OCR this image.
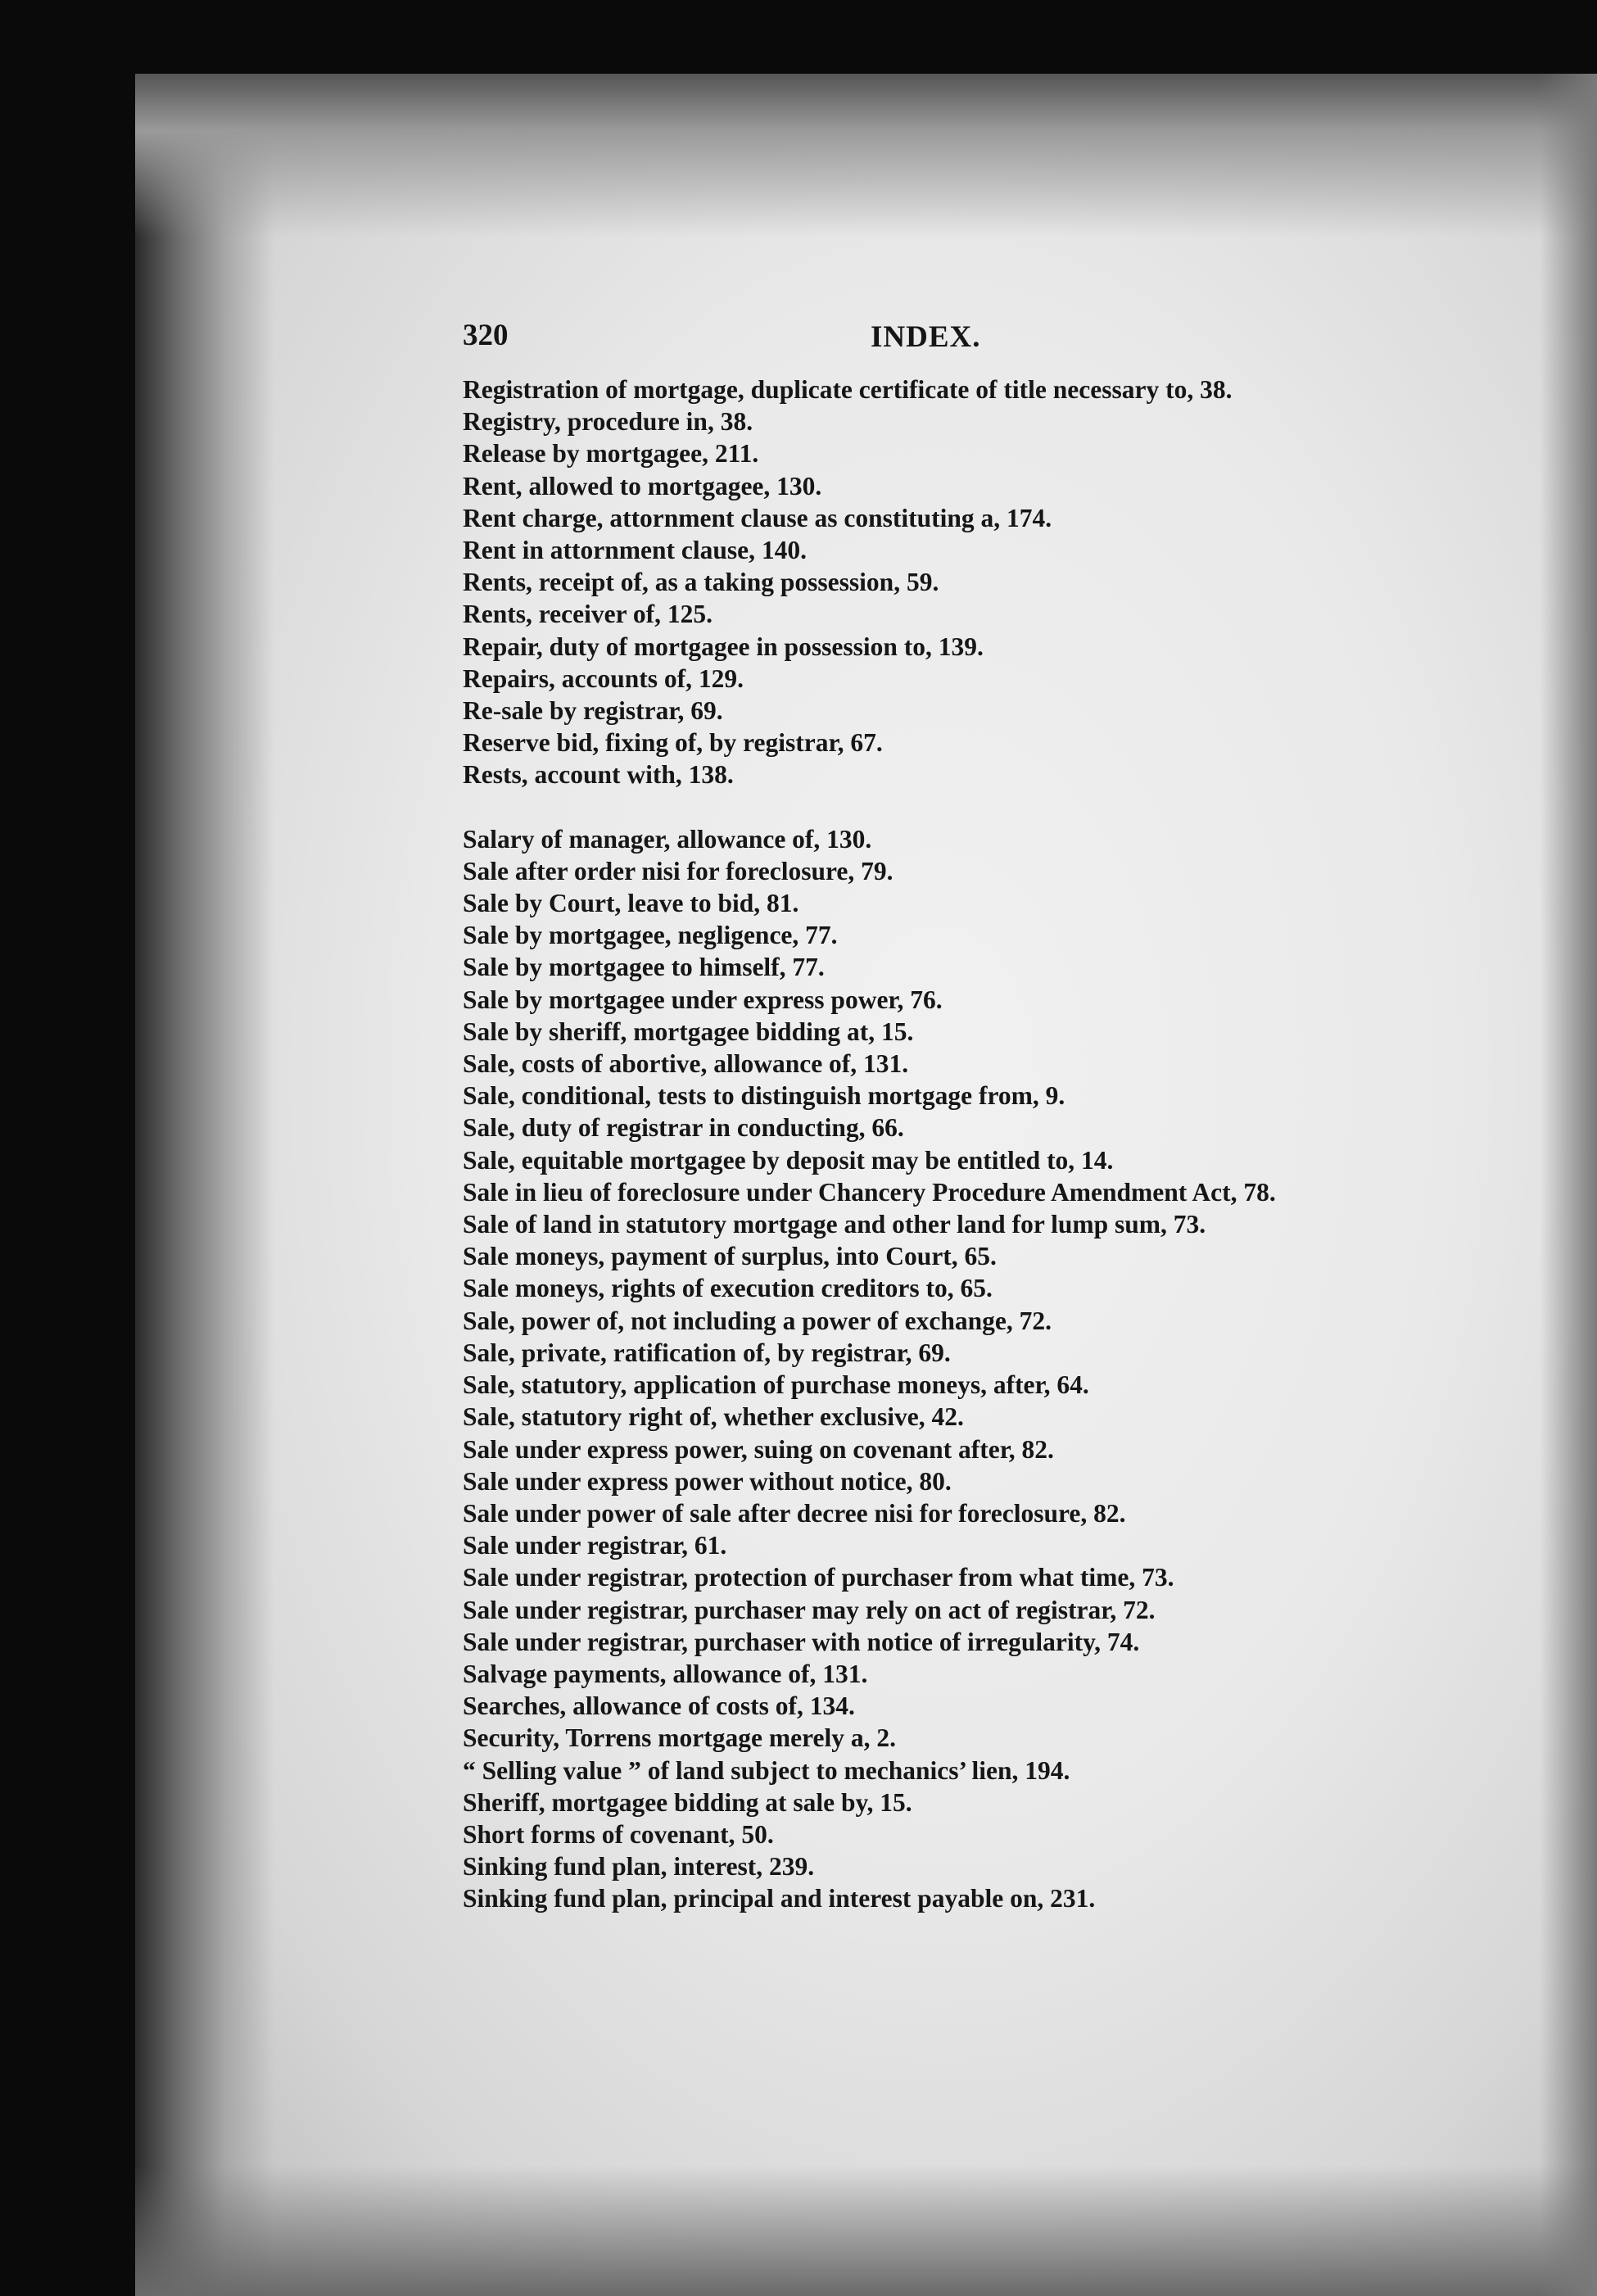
320	INDEX.
Registration of mortgage, duplicate certificate of title necessary to, 38.
Registry, procedure in, 38.
Release by mortgagee, 211.
Rent, allowed to mortgagee, 130.
Rent charge, attornment clause as constituting a, 174.
Rent in attornment clause, 140.
Rents, receipt of, as a taking possession, 59.
Rents, receiver of, 125.
Repair, duty of mortgagee in possession to, 139.
Repairs, accounts of, 129.
Re-sale by registrar, 69.
Reserve bid, fixing of, by registrar, 67.
Rests, account with, 138.
Salary of manager, allowance of, 130.
Sale after order nisi for foreclosure, 79.
Sale by Court, leave to bid, 81.
Sale by mortgagee, negligence, 77.
Sale by mortgagee to himself, 77.
Sale by mortgagee under express power, 76.
Sale by sheriff, mortgagee bidding at, 15.
Sale, costs of abortive, allowance of, 131.
Sale, conditional, tests to distinguish mortgage from, 9.
Sale, duty of registrar in conducting, 66.
Sale, equitable mortgagee by deposit may be entitled to, 14.
Sale in lieu of foreclosure under Chancery Procedure Amendment Act, 78.
Sale of land in statutory mortgage and other land for lump sum, 73.
Sale moneys, payment of surplus, into Court, 65.
Sale moneys, rights of execution creditors to, 65.
Sale, power of, not including a power of exchange, 72.
Sale, private, ratification of, by registrar, 69.
Sale, statutory, application of purchase moneys, after, 64.
Sale, statutory right of, whether exclusive, 42.
Sale under express power, suing on covenant after, 82.
Sale under express power without notice, 80.
Sale under power of sale after decree nisi for foreclosure, 82.
Sale under registrar, 61.
Sale under registrar, protection of purchaser from what time, 73.
Sale under registrar, purchaser may rely on act of registrar, 72.
Sale under registrar, purchaser with notice of irregularity, 74.
Salvage payments, allowance of, 131.
Searches, allowance of costs of, 134.
Security, Torrens mortgage merely a, 2.
“ Selling value ” of land subject to mechanics’ lien, 194.
Sheriff, mortgagee bidding at sale by, 15.
Short forms of covenant, 50.
Sinking fund plan, interest, 239.
Sinking fund plan, principal and interest payable on, 231.
